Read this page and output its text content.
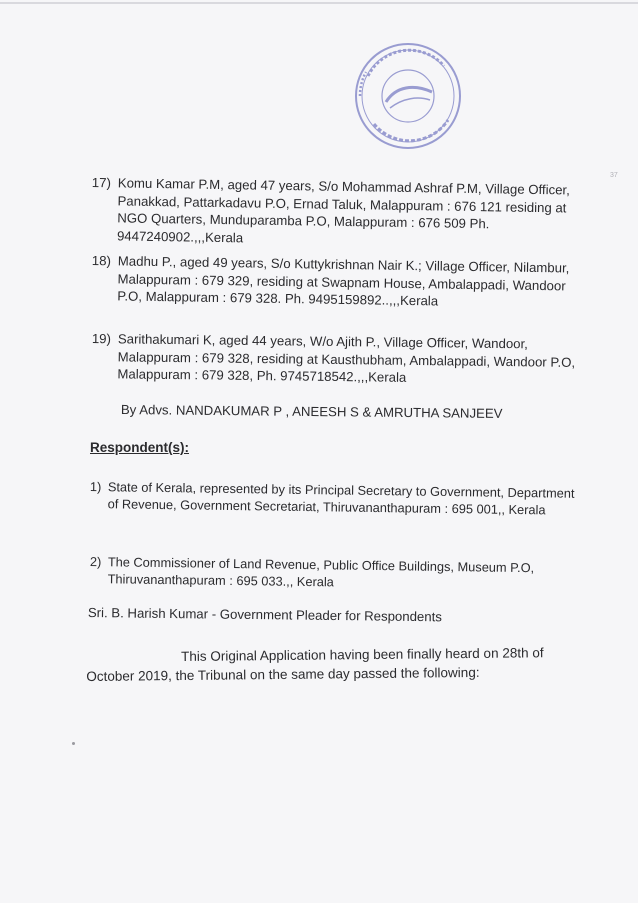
37
17) Komu Kamar P.M, aged 47 years, S/o Mohammad Ashraf P.M, Village Officer, Panakkad, Pattarkadavu P.O, Ernad Taluk, Malappuram : 676 121 residing at NGO Quarters, Munduparamba P.O, Malappuram : 676 509 Ph. 9447240902.,,,Kerala
18) Madhu P., aged 49 years, S/o Kuttykrishnan Nair K.; Village Officer, Nilambur, Malappuram : 679 329, residing at Swapnam House, Ambalappadi, Wandoor P.O, Malappuram : 679 328. Ph. 9495159892..,,,Kerala
19) Sarithakumari K, aged 44 years, W/o Ajith P., Village Officer, Wandoor, Malappuram : 679 328, residing at Kausthubham, Ambalappadi, Wandoor P.O, Malappuram : 679 328, Ph. 9745718542.,,,Kerala
By Advs. NANDAKUMAR P , ANEESH S & AMRUTHA SANJEEV
Respondent(s):
1) State of Kerala, represented by its Principal Secretary to Government, Department of Revenue, Government Secretariat, Thiruvananthapuram : 695 001,, Kerala
2) The Commissioner of Land Revenue, Public Office Buildings, Museum P.O, Thiruvananthapuram : 695 033.,, Kerala
Sri. B. Harish Kumar - Government Pleader for Respondents
This Original Application having been finally heard on 28th of October 2019, the Tribunal on the same day passed the following:
